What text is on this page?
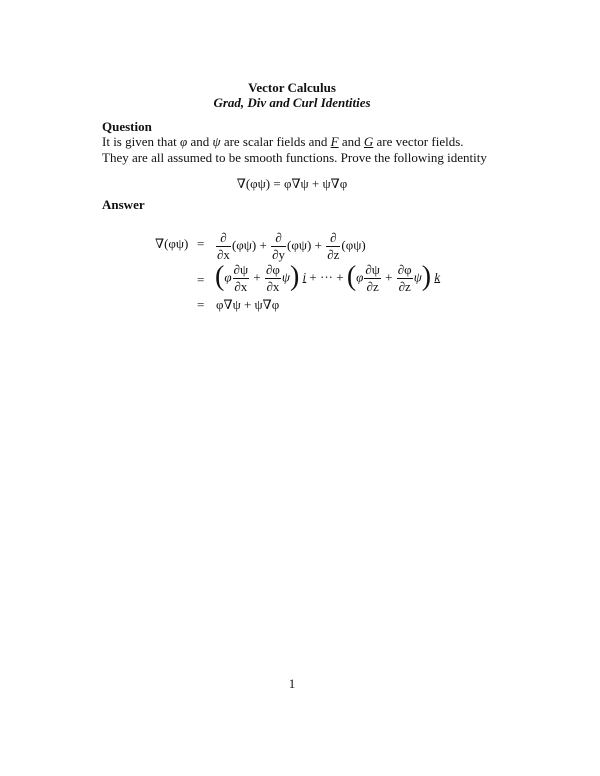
Vector Calculus
Grad, Div and Curl Identities
Question
It is given that φ and ψ are scalar fields and F and G are vector fields. They are all assumed to be smooth functions. Prove the following identity
∇(φψ) = φ∇ψ + ψ∇φ
Answer
$\nabla(\varphi\psi) = \frac{\partial}{\partial x} (\varphi\psi) + \frac{\partial}{\partial y} (\varphi\psi) + \frac{\partial}{\partial z} (\varphi\psi)$
= $(\varphi \frac{\partial\psi}{\partial x} + \frac{\partial\varphi}{\partial x} \psi)$ i + ··· + $(\varphi \frac{\partial\psi}{\partial z} + \frac{\partial\varphi}{\partial z} \psi)$ k
= φ∇ψ + ψ∇φ
1
